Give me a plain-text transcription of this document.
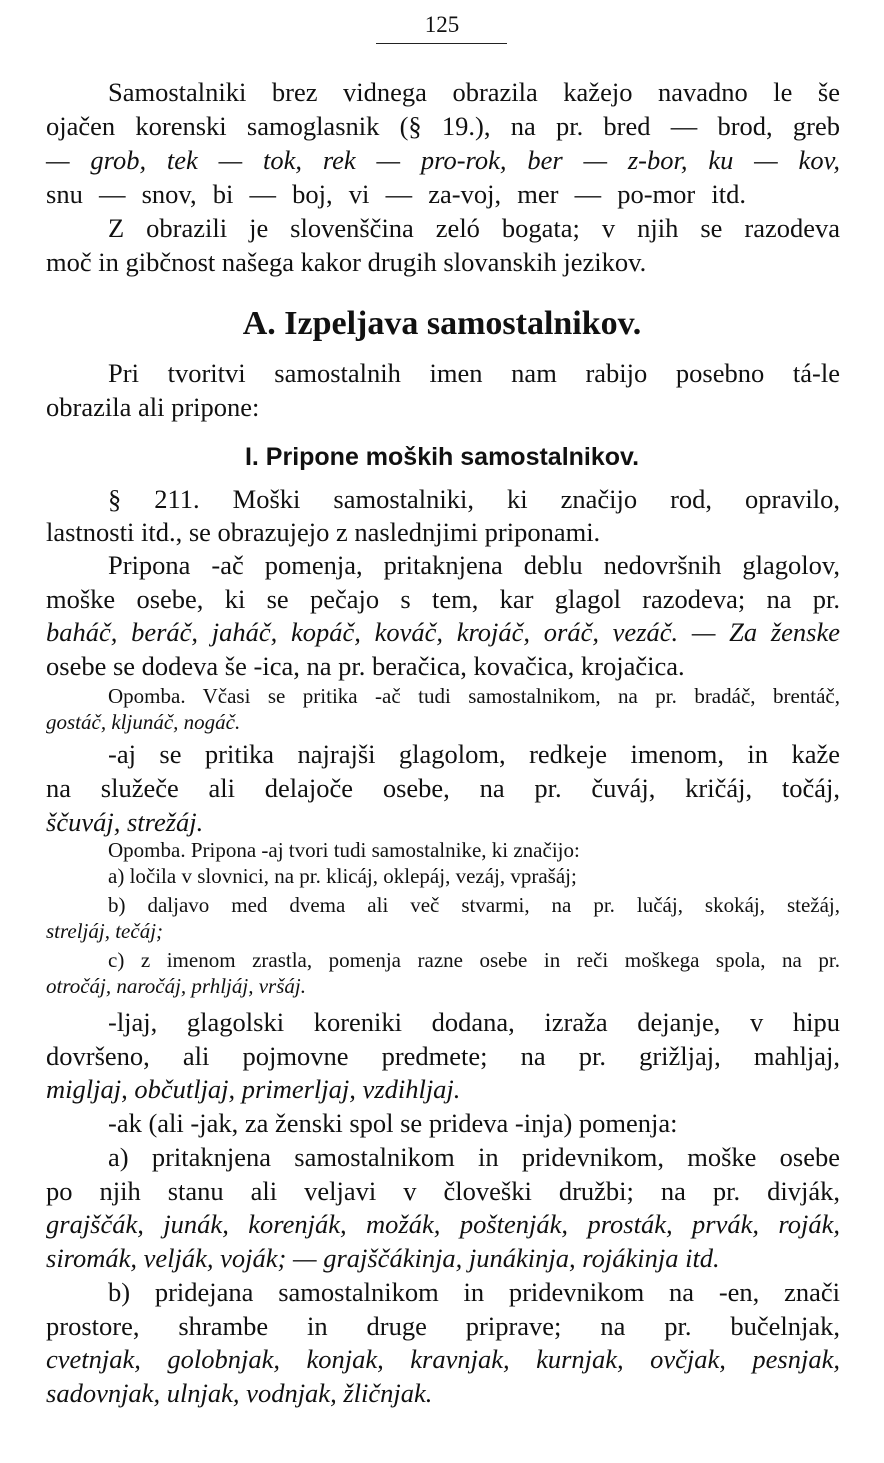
125
Samostalniki brez vidnega obrazila kažejo navadno le še
ojačen korenski samoglasnik (§ 19.), na pr. bred — brod, greb
— grob, tek — tok, rek — pro-rok, ber — z-bor, ku — kov,
snu — snov, bi — boj, vi — za-voj, mer — po-mor itd.
Z obrazili je slovenščina zeló bogata; v njih se razodeva
moč in gibčnost našega kakor drugih slovanskih jezikov.
A. Izpeljava samostalnikov.
Pri tvoritvi samostalnih imen nam rabijo posebno tá-le
obrazila ali pripone:
I. Pripone moških samostalnikov.
§ 211. Moški samostalniki, ki značijo rod, opravilo,
lastnosti itd., se obrazujejo z naslednjimi priponami.
Pripona -ač pomenja, pritaknjena deblu nedovršnih glagolov,
moške osebe, ki se pečajo s tem, kar glagol razodeva; na pr.
baháč, beráč, jaháč, kopáč, kováč, krojáč, oráč, vezáč. — Za ženske
osebe se dodeva še -ica, na pr. beračica, kovačica, krojačica.
Opomba. Včasi se pritika -ač tudi samostalnikom, na pr. bradáč, brentáč,
gostáč, kljunáč, nogáč.
-aj se pritika najrajši glagolom, redkeje imenom, in kaže
na služeče ali delajoče osebe, na pr. čuváj, kričáj, točáj,
ščuváj, strežáj.
Opomba. Pripona -aj tvori tudi samostalnike, ki značijo:
a) ločila v slovnici, na pr. klicáj, oklepáj, vezáj, vprašáj;
b) daljavo med dvema ali več stvarmi, na pr. lučáj, skokáj, stežáj,
streljáj, tečáj;
c) z imenom zrastla, pomenja razne osebe in reči moškega spola, na pr.
otročáj, naročáj, prhljáj, vršáj.
-ljaj, glagolski koreniki dodana, izraža dejanje, v hipu
dovršeno, ali pojmovne predmete; na pr. grižljaj, mahljaj,
migljaj, občutljaj, primerljaj, vzdihljaj.
-ak (ali -jak, za ženski spol se prideva -inja) pomenja:
a) pritaknjena samostalnikom in pridevnikom, moške osebe
po njih stanu ali veljavi v človeški družbi; na pr. divják,
grajščák, junák, korenják, možák, poštenják, prosták, prvák, roják,
siromák, velják, voják; — grajščákinja, junákinja, rojákinja itd.
b) pridejana samostalnikom in pridevnikom na -en, znači
prostore, shrambe in druge priprave; na pr. bučelnjak,
cvetnjak, golobnjak, konjak, kravnjak, kurnjak, ovčjak, pesnjak,
sadovnjak, ulnjak, vodnjak, žličnjak.
